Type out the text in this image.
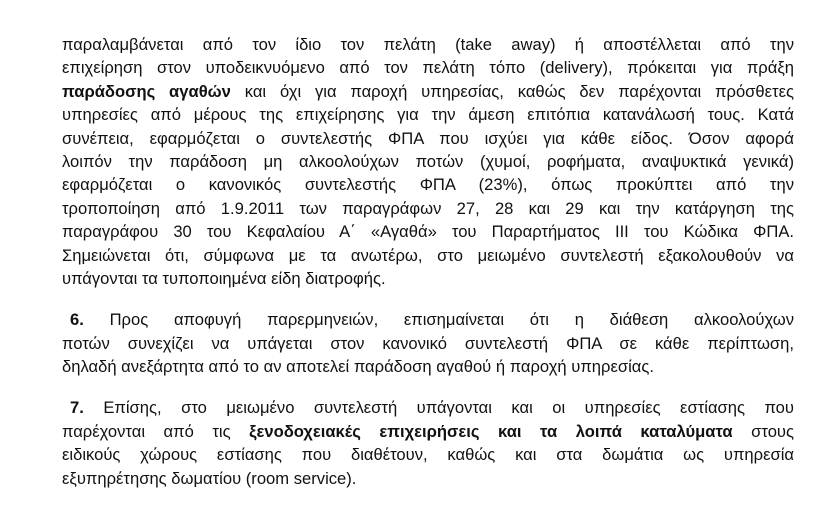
παραλαμβάνεται από τον ίδιο τον πελάτη (take away) ή αποστέλλεται από την
επιχείρηση στον υποδεικνυόμενο από τον πελάτη τόπο (delivery), πρόκειται για πράξη
παράδοσης αγαθών και όχι για παροχή υπηρεσίας, καθώς δεν παρέχονται πρόσθετες
υπηρεσίες από μέρους της επιχείρησης για την άμεση επιτόπια κατανάλωσή τους. Κατά
συνέπεια, εφαρμόζεται ο συντελεστής ΦΠΑ που ισχύει για κάθε είδος. Όσον αφορά
λοιπόν την παράδοση μη αλκοολούχων ποτών (χυμοί, ροφήματα, αναψυκτικά γενικά)
εφαρμόζεται ο κανονικός συντελεστής ΦΠΑ (23%), όπως προκύπτει από την
τροποποίηση από 1.9.2011 των παραγράφων 27, 28 και 29 και την κατάργηση της
παραγράφου 30 του Κεφαλαίου Α΄ «Αγαθά» του Παραρτήματος ΙΙΙ του Κώδικα ΦΠΑ.
Σημειώνεται ότι, σύμφωνα με τα ανωτέρω, στο μειωμένο συντελεστή εξακολουθούν να
υπάγονται τα τυποποιημένα είδη διατροφής.
6. Προς αποφυγή παρερμηνειών, επισημαίνεται ότι η διάθεση αλκοολούχων
ποτών συνεχίζει να υπάγεται στον κανονικό συντελεστή ΦΠΑ σε κάθε περίπτωση,
δηλαδή ανεξάρτητα από το αν αποτελεί παράδοση αγαθού ή παροχή υπηρεσίας.
7. Επίσης, στο μειωμένο συντελεστή υπάγονται και οι υπηρεσίες εστίασης που
παρέχονται από τις ξενοδοχειακές επιχειρήσεις και τα λοιπά καταλύματα στους
ειδικούς χώρους εστίασης που διαθέτουν, καθώς και στα δωμάτια ως υπηρεσία
εξυπηρέτησης δωματίου (room service).
